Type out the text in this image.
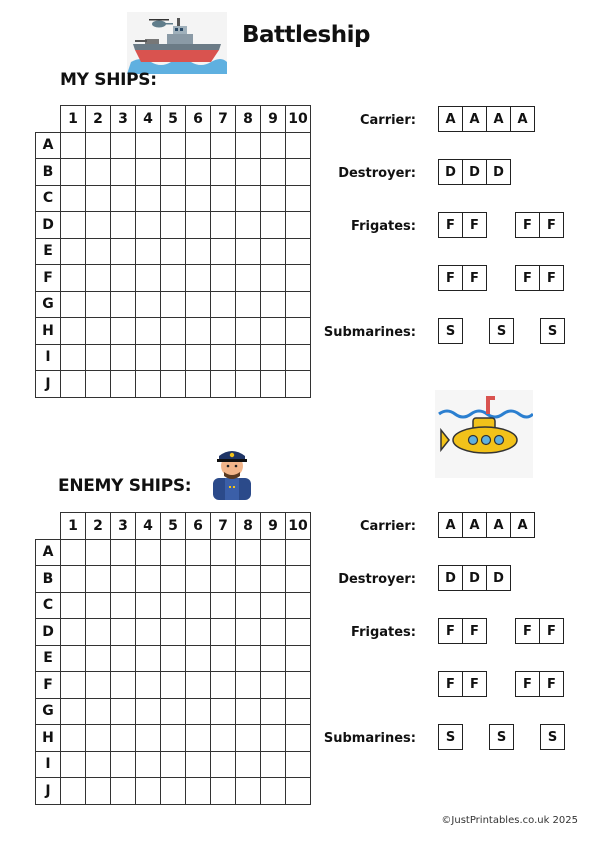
Battleship
MY SHIPS:
	1	2	3	4	5	6	7	8	9	10
A										
B										
C										
D										
E										
F										
G										
H										
I										
J										
Carrier:	A	A	A	A
Destroyer:	D	D	D
Frigates:	F	F	F	F
F	F	F	F
Submarines:	S	S	S
ENEMY SHIPS:
	1	2	3	4	5	6	7	8	9	10
A										
B										
C										
D										
E										
F										
G										
H										
I										
J										
Carrier:	A	A	A	A
Destroyer:	D	D	D
Frigates:	F	F	F	F
F	F	F	F
Submarines:	S	S	S
©JustPrintables.co.uk 2025
